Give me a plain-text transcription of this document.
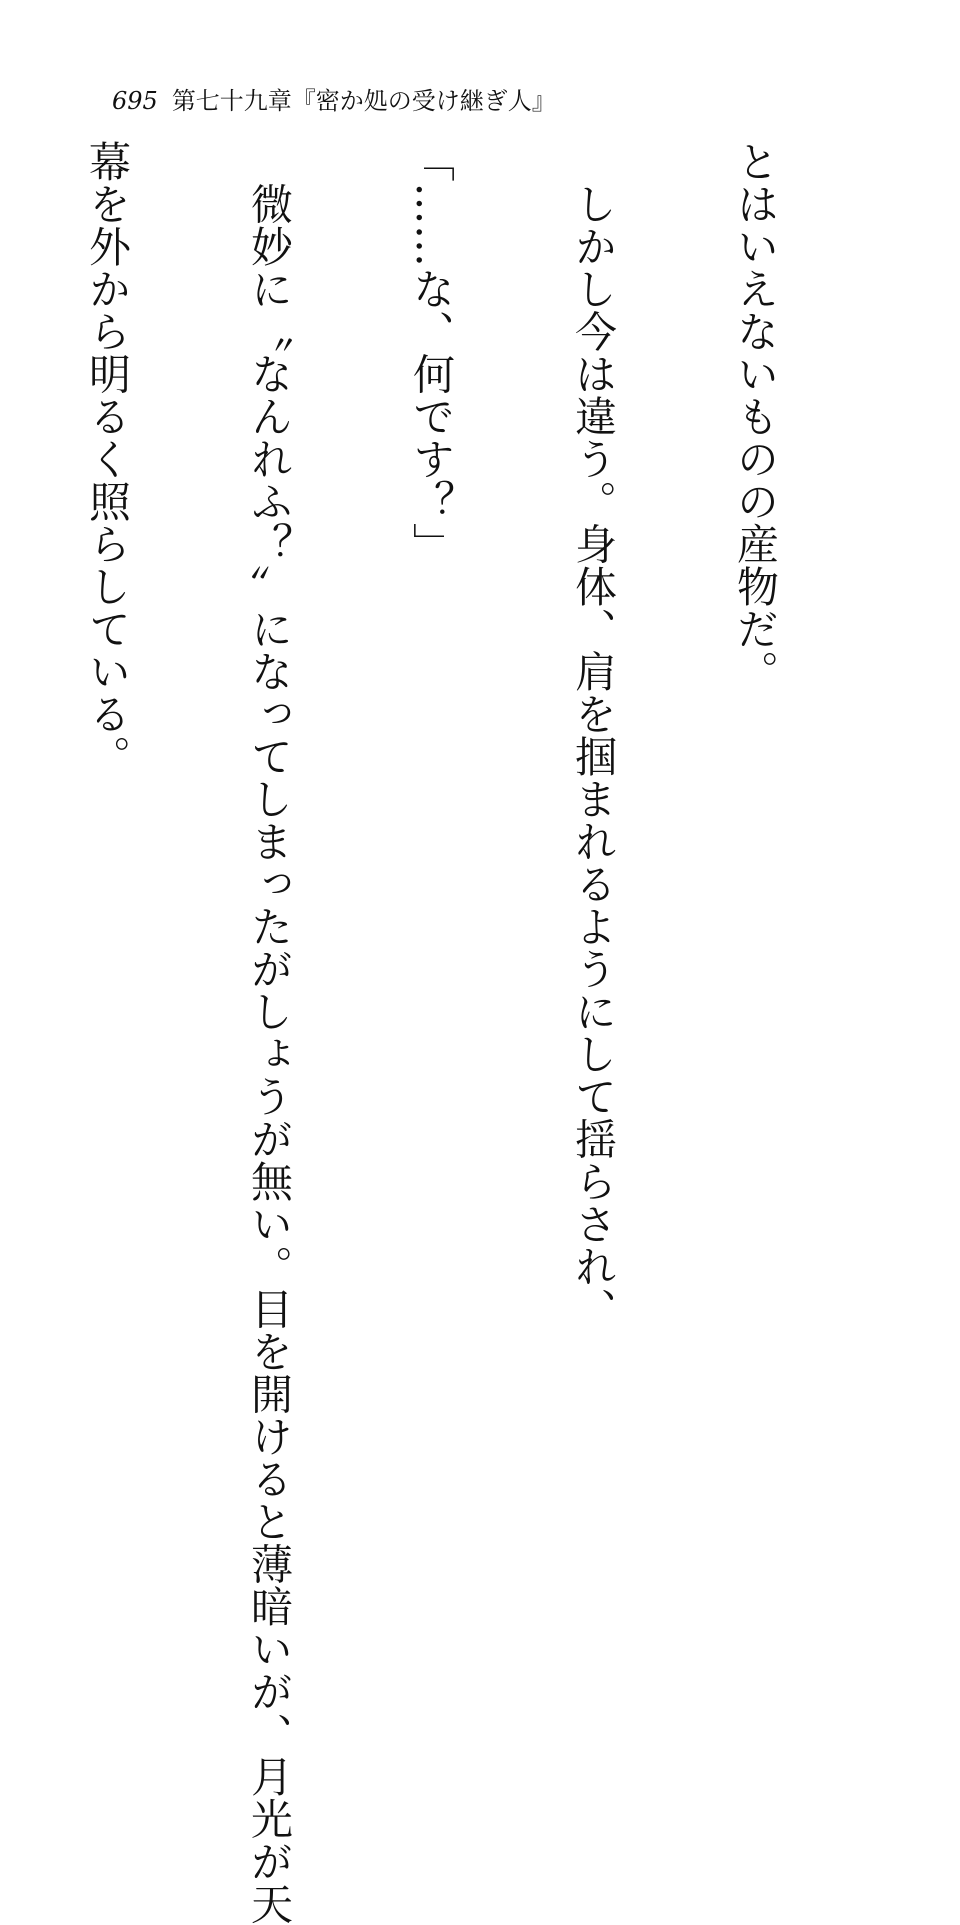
695 第七十九章『密か処の受け継ぎ人』

とはいえないものの産物だ。

　しかし今は違う。身体、肩を掴まれるようにして揺らされ、

「……な、何です？」

　微妙に〝なんれふ？〟になってしまったがしょうが無い。目を開けると薄暗いが、月光が天

幕を外から明るく照らしている。
